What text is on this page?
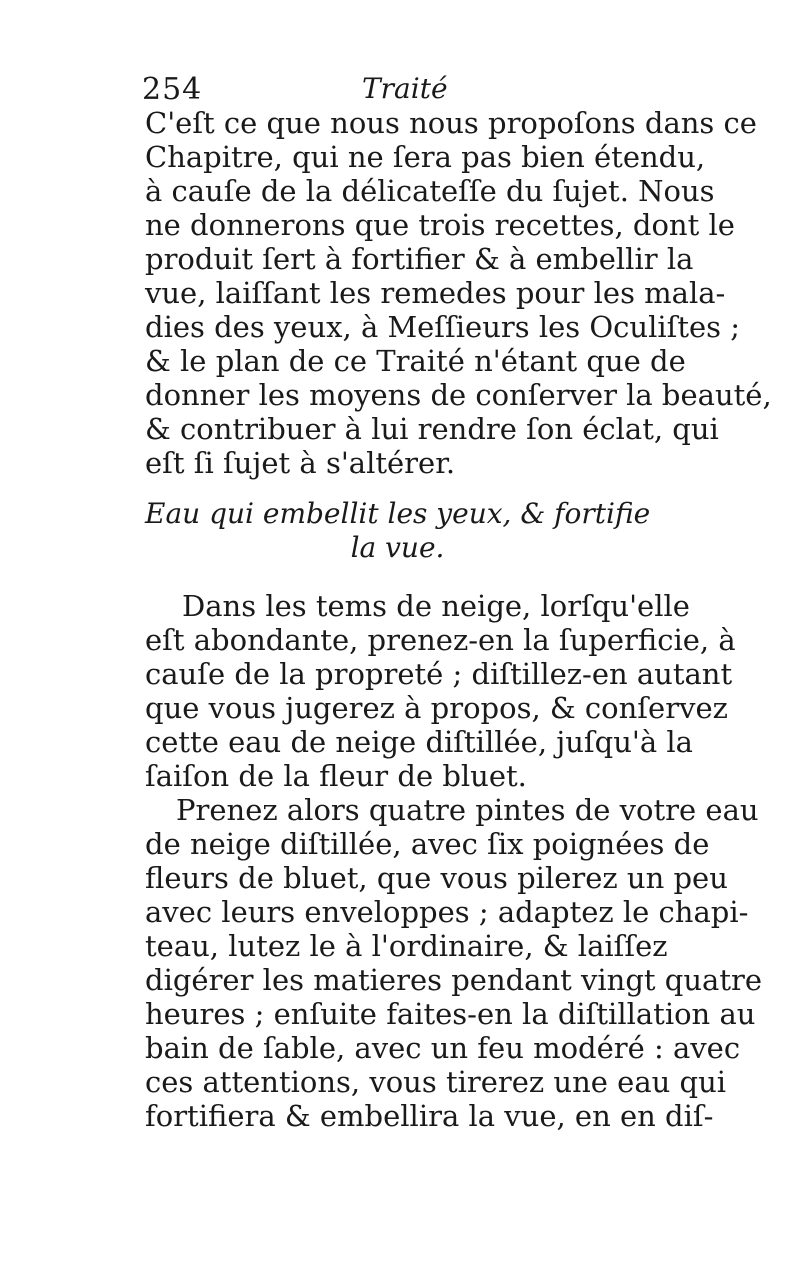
254	Traité
C'eſt ce que nous nous propoſons dans ce
Chapitre, qui ne ſera pas bien étendu,
à cauſe de la délicateſſe du ſujet. Nous
ne donnerons que trois recettes, dont le
produit ſert à fortifier & à embellir la
vue, laiſſant les remedes pour les mala-
dies des yeux, à Meſſieurs les Oculiſtes ;
& le plan de ce Traité n'étant que de
donner les moyens de conſerver la beauté,
& contribuer à lui rendre ſon éclat, qui
eſt ſi ſujet à s'altérer.
Eau qui embellit les yeux, & fortifie
la vue.
Dans les tems de neige, lorſqu'elle
eſt abondante, prenez-en la ſuperficie, à
cauſe de la propreté ; diſtillez-en autant
que vous jugerez à propos, & conſervez
cette eau de neige diſtillée, juſqu'à la
ſaiſon de la fleur de bluet.
Prenez alors quatre pintes de votre eau
de neige diſtillée, avec ſix poignées de
fleurs de bluet, que vous pilerez un peu
avec leurs enveloppes ; adaptez le chapi-
teau, lutez le à l'ordinaire, & laiſſez
digérer les matieres pendant vingt quatre
heures ; enſuite faites-en la diſtillation au
bain de ſable, avec un feu modéré : avec
ces attentions, vous tirerez une eau qui
fortifiera & embellira la vue, en en diſ-
